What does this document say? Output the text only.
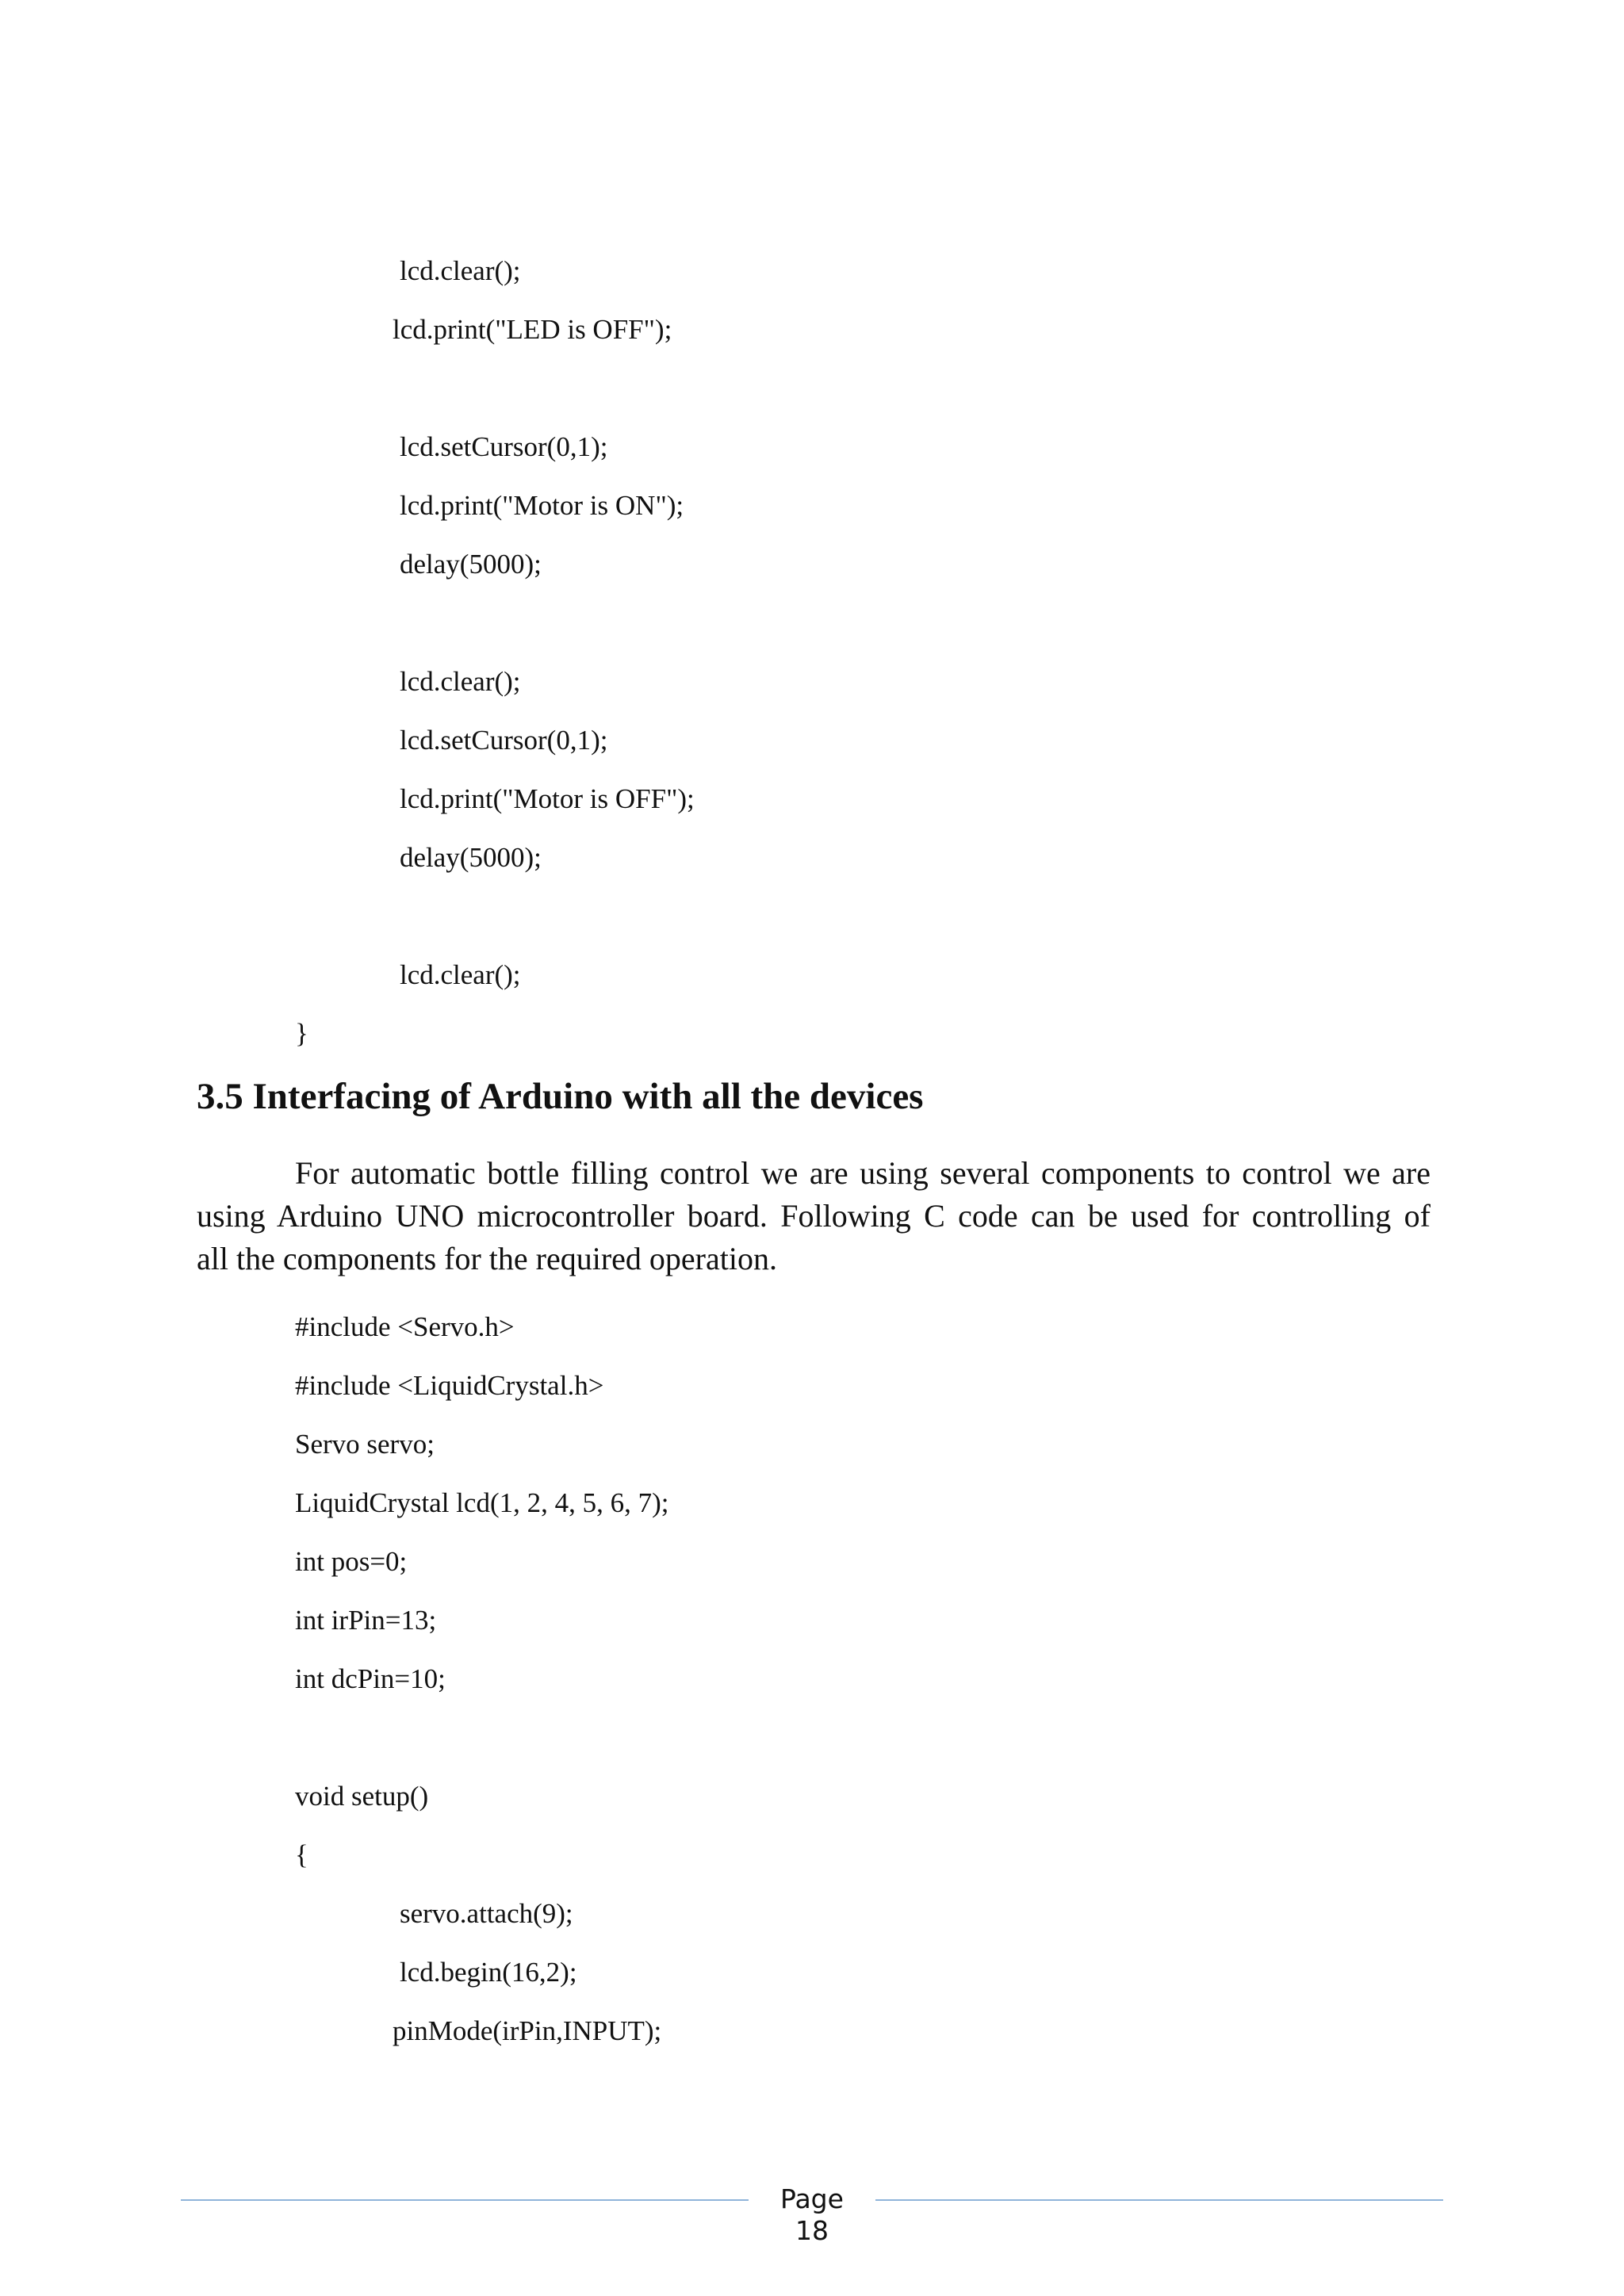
lcd.clear();
lcd.print("LED is OFF");
lcd.setCursor(0,1);
lcd.print("Motor is ON");
delay(5000);
lcd.clear();
lcd.setCursor(0,1);
lcd.print("Motor is OFF");
delay(5000);
lcd.clear();
}
3.5 Interfacing of Arduino with all the devices
For automatic bottle filling control we are using several components to control we are
using Arduino UNO microcontroller board. Following C code can be used for controlling of
all the components for the required operation.
#include <Servo.h>
#include <LiquidCrystal.h>
Servo servo;
LiquidCrystal lcd(1, 2, 4, 5, 6, 7);
int pos=0;
int irPin=13;
int dcPin=10;
void setup()
{
servo.attach(9);
lcd.begin(16,2);
pinMode(irPin,INPUT);
Page 18
